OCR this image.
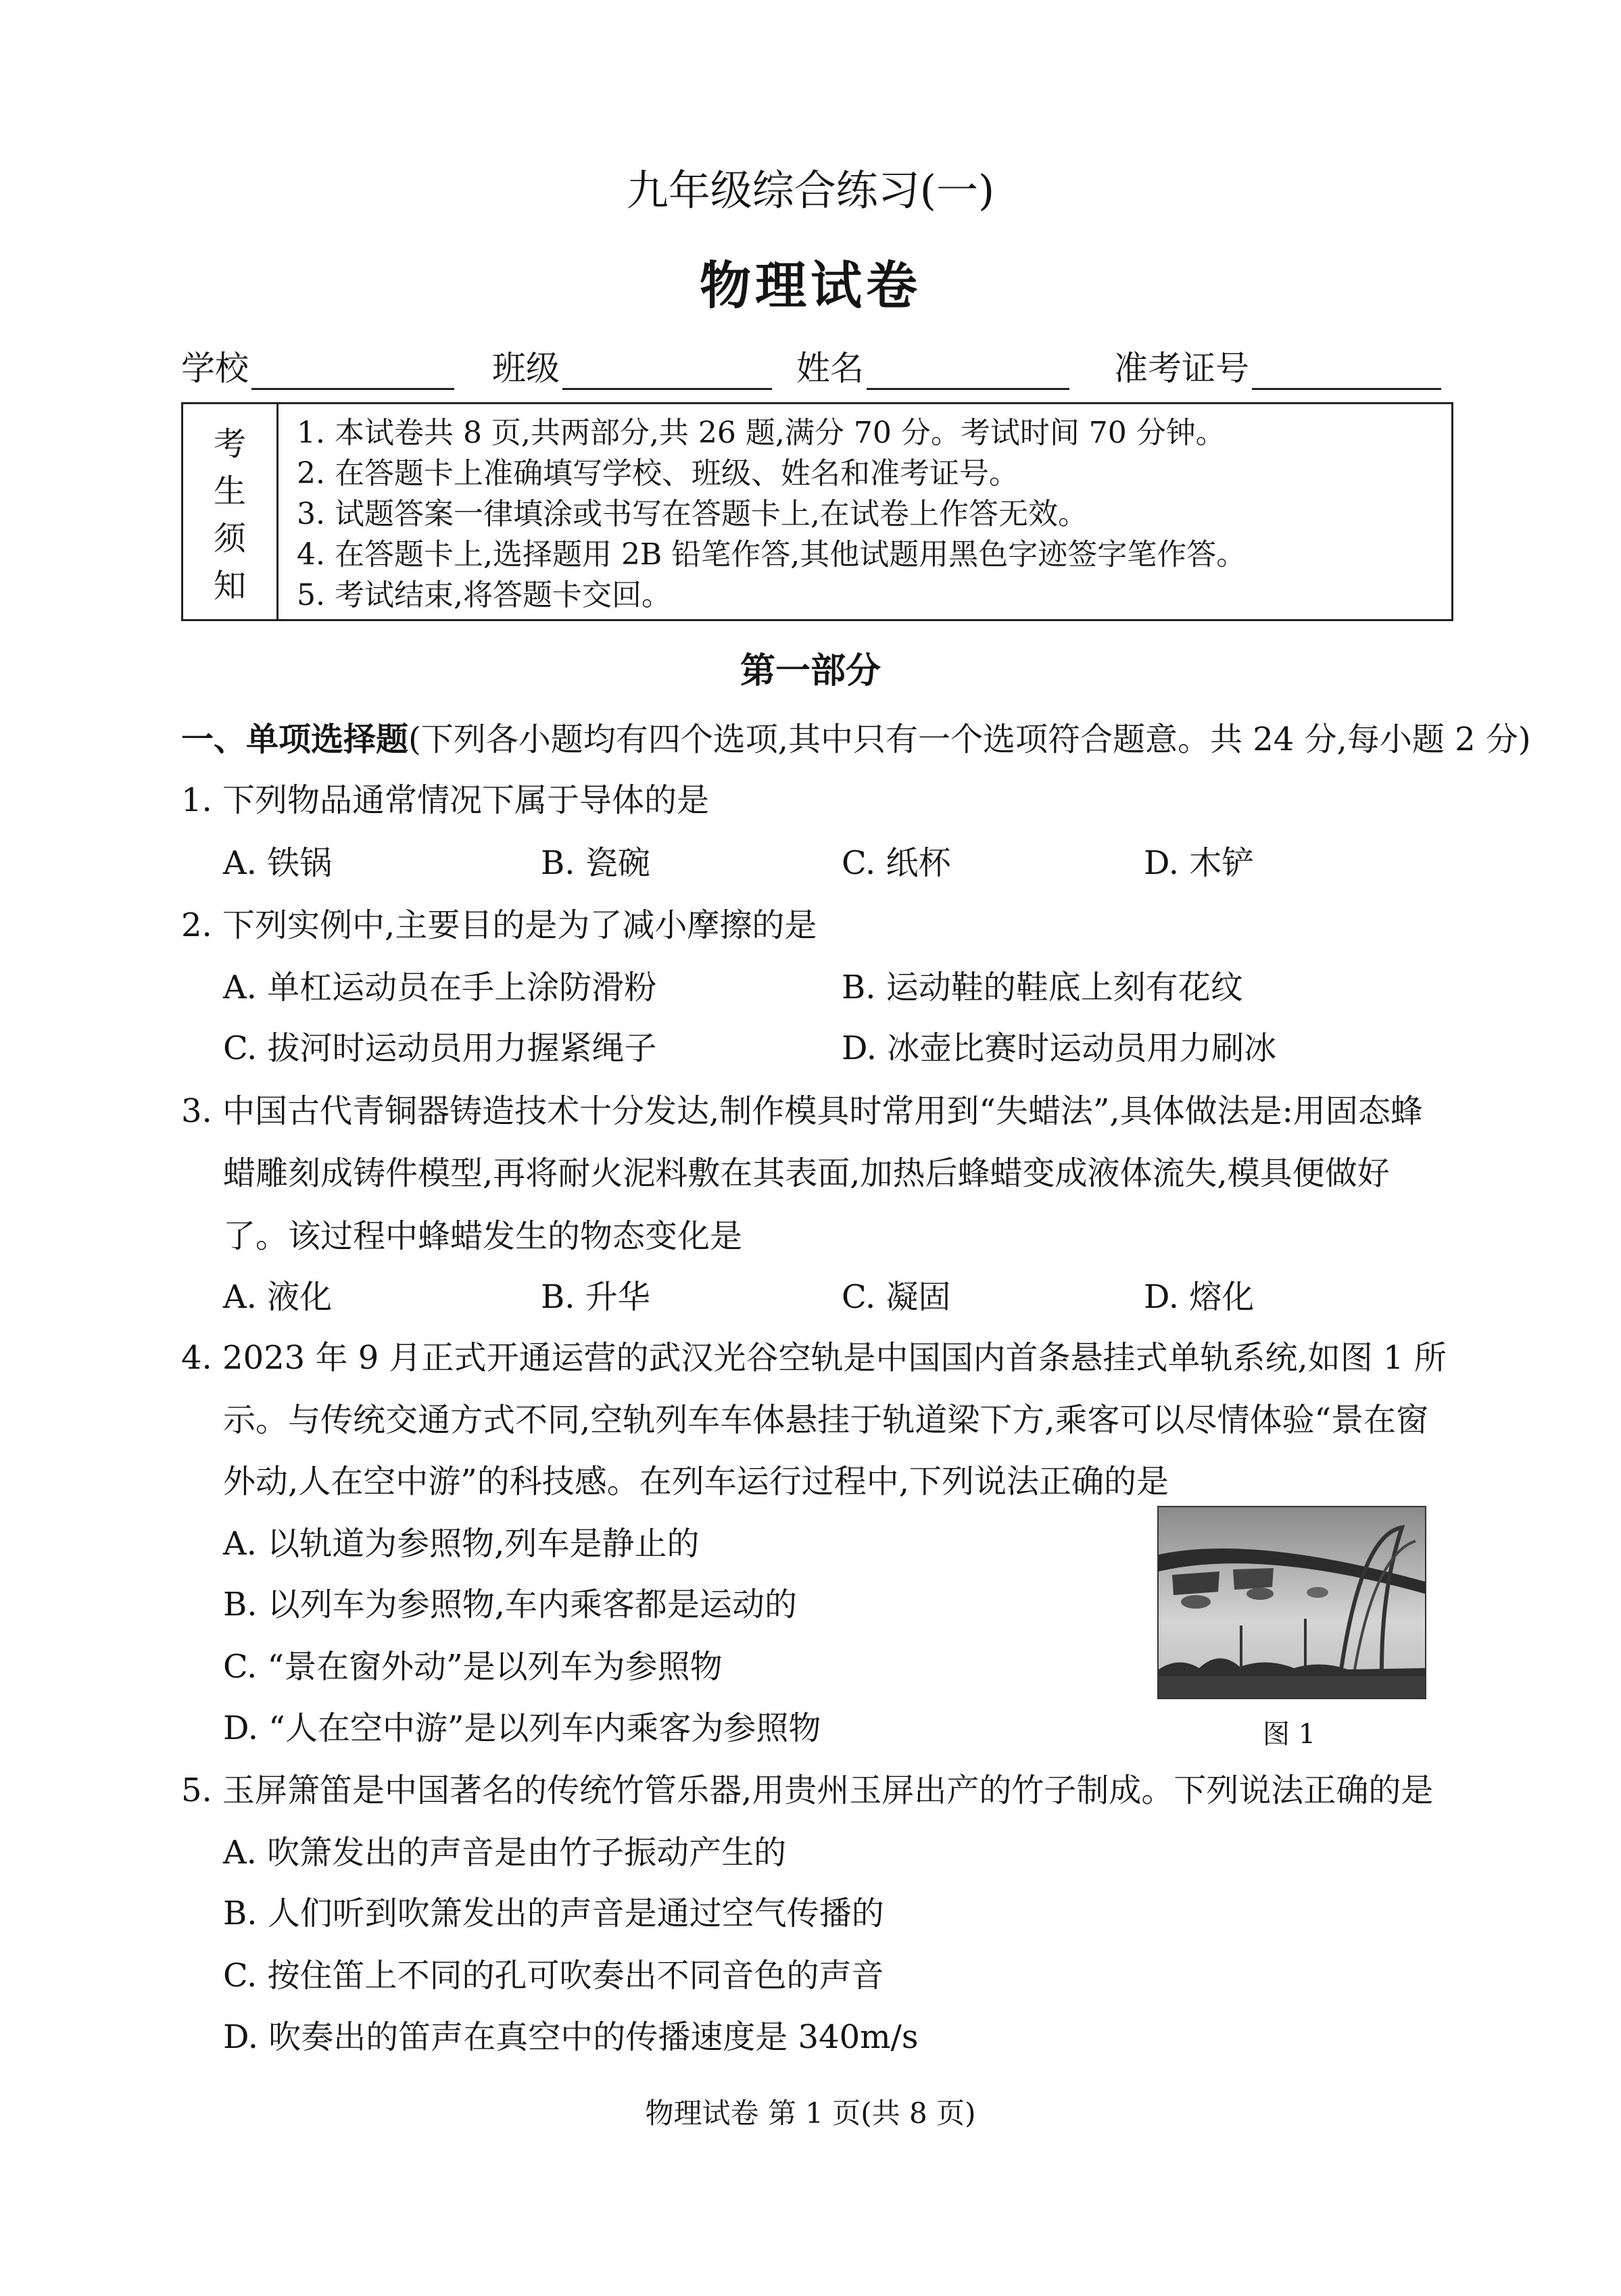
九年级综合练习(一)
物理试卷
学校	班级	姓名	准考证号
考
生
须
知
1. 本试卷共 8 页,共两部分,共 26 题,满分 70 分。考试时间 70 分钟。
2. 在答题卡上准确填写学校、班级、姓名和准考证号。
3. 试题答案一律填涂或书写在答题卡上,在试卷上作答无效。
4. 在答题卡上,选择题用 2B 铅笔作答,其他试题用黑色字迹签字笔作答。
5. 考试结束,将答题卡交回。
第一部分
一、单项选择题(下列各小题均有四个选项,其中只有一个选项符合题意。共 24 分,每小题 2 分)
1. 下列物品通常情况下属于导体的是
A. 铁锅	B. 瓷碗	C. 纸杯	D. 木铲
2. 下列实例中,主要目的是为了减小摩擦的是
A. 单杠运动员在手上涂防滑粉	B. 运动鞋的鞋底上刻有花纹
C. 拔河时运动员用力握紧绳子	D. 冰壶比赛时运动员用力刷冰
3. 中国古代青铜器铸造技术十分发达,制作模具时常用到“失蜡法”,具体做法是:用固态蜂
蜡雕刻成铸件模型,再将耐火泥料敷在其表面,加热后蜂蜡变成液体流失,模具便做好
了。该过程中蜂蜡发生的物态变化是
A. 液化	B. 升华	C. 凝固	D. 熔化
4. 2023 年 9 月正式开通运营的武汉光谷空轨是中国国内首条悬挂式单轨系统,如图 1 所
示。与传统交通方式不同,空轨列车车体悬挂于轨道梁下方,乘客可以尽情体验“景在窗
外动,人在空中游”的科技感。在列车运行过程中,下列说法正确的是
A. 以轨道为参照物,列车是静止的
B. 以列车为参照物,车内乘客都是运动的
C. “景在窗外动”是以列车为参照物
D. “人在空中游”是以列车内乘客为参照物	图 1
5. 玉屏箫笛是中国著名的传统竹管乐器,用贵州玉屏出产的竹子制成。下列说法正确的是
A. 吹箫发出的声音是由竹子振动产生的
B. 人们听到吹箫发出的声音是通过空气传播的
C. 按住笛上不同的孔可吹奏出不同音色的声音
D. 吹奏出的笛声在真空中的传播速度是 340m/s
物理试卷 第 1 页(共 8 页)
